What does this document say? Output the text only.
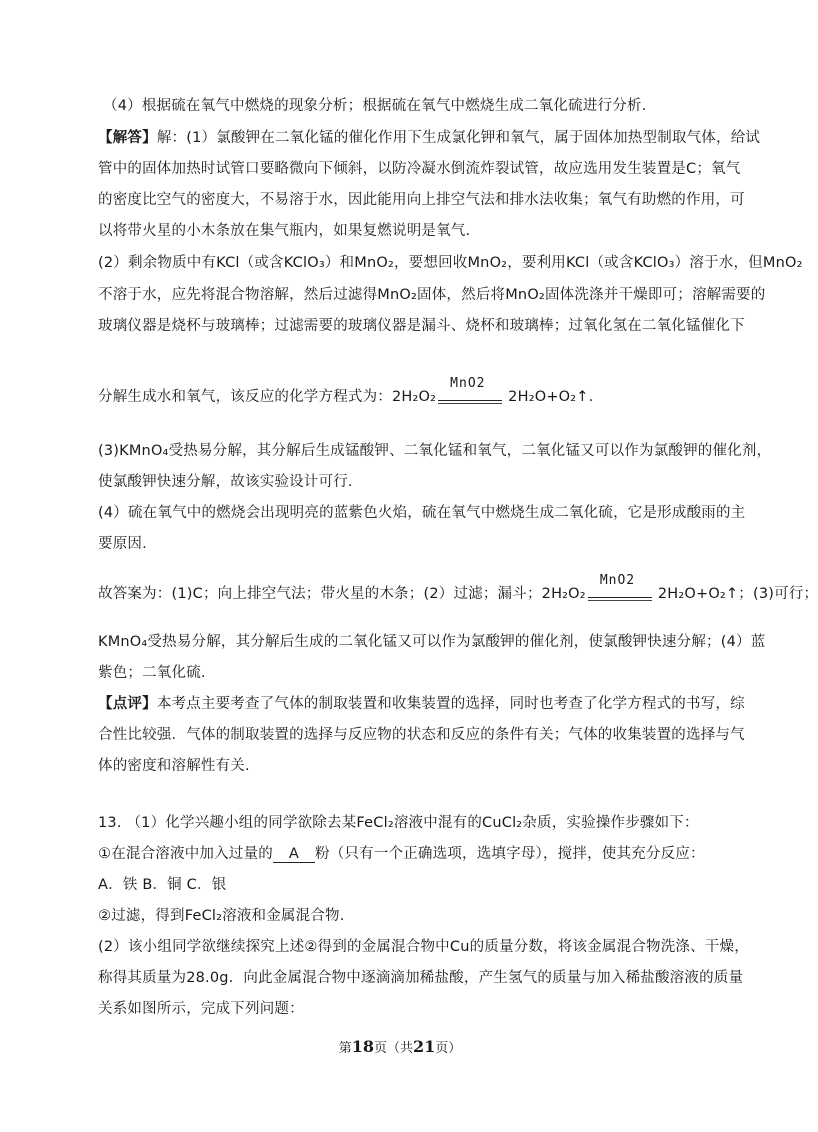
（4）根据硫在氧气中燃烧的现象分析；根据硫在氧气中燃烧生成二氧化硫进行分析.
【解答】解：(1）氯酸钾在二氧化锰的催化作用下生成氯化钾和氧气，属于固体加热型制取气体，给试
管中的固体加热时试管口要略微向下倾斜，以防冷凝水倒流炸裂试管，故应选用发生装置是C；氧气
的密度比空气的密度大，不易溶于水，因此能用向上排空气法和排水法收集；氧气有助燃的作用，可
以将带火星的小木条放在集气瓶内，如果复燃说明是氧气.
(2）剩余物质中有KCl（或含KClO₃）和MnO₂，要想回收MnO₂，要利用KCl（或含KClO₃）溶于水，但MnO₂
不溶于水，应先将混合物溶解，然后过滤得MnO₂固体，然后将MnO₂固体洗涤并干燥即可；溶解需要的
玻璃仪器是烧杯与玻璃棒；过滤需要的玻璃仪器是漏斗、烧杯和玻璃棒；过氧化氢在二氧化锰催化下
分解生成水和氧气，该反应的化学方程式为：2H₂O₂
MnO2
2H₂O+O₂↑.
(3)KMnO₄受热易分解，其分解后生成锰酸钾、二氧化锰和氧气，二氧化锰又可以作为氯酸钾的催化剂，
使氯酸钾快速分解，故该实验设计可行.
(4）硫在氧气中的燃烧会出现明亮的蓝紫色火焰，硫在氧气中燃烧生成二氧化硫，它是形成酸雨的主
要原因.
故答案为：(1)C；向上排空气法；带火星的木条；(2）过滤；漏斗；2H₂O₂
MnO2
2H₂O+O₂↑；(3)可行；
KMnO₄受热易分解，其分解后生成的二氧化锰又可以作为氯酸钾的催化剂，使氯酸钾快速分解；(4）蓝
紫色；二氧化硫.
【点评】本考点主要考查了气体的制取装置和收集装置的选择，同时也考查了化学方程式的书写，综
合性比较强．气体的制取装置的选择与反应物的状态和反应的条件有关；气体的收集装置的选择与气
体的密度和溶解性有关.
13. （1）化学兴趣小组的同学欲除去某FeCl₂溶液中混有的CuCl₂杂质，实验操作步骤如下：
①在混合溶液中加入过量的 A 粉（只有一个正确选项，选填字母），搅拌，使其充分反应：
A．铁 B．铜 C．银
②过滤，得到FeCl₂溶液和金属混合物.
(2）该小组同学欲继续探究上述②得到的金属混合物中Cu的质量分数，将该金属混合物洗涤、干燥，
称得其质量为28.0g．向此金属混合物中逐滴滴加稀盐酸，产生氢气的质量与加入稀盐酸溶液的质量
关系如图所示，完成下列问题：
第18页（共21页）
